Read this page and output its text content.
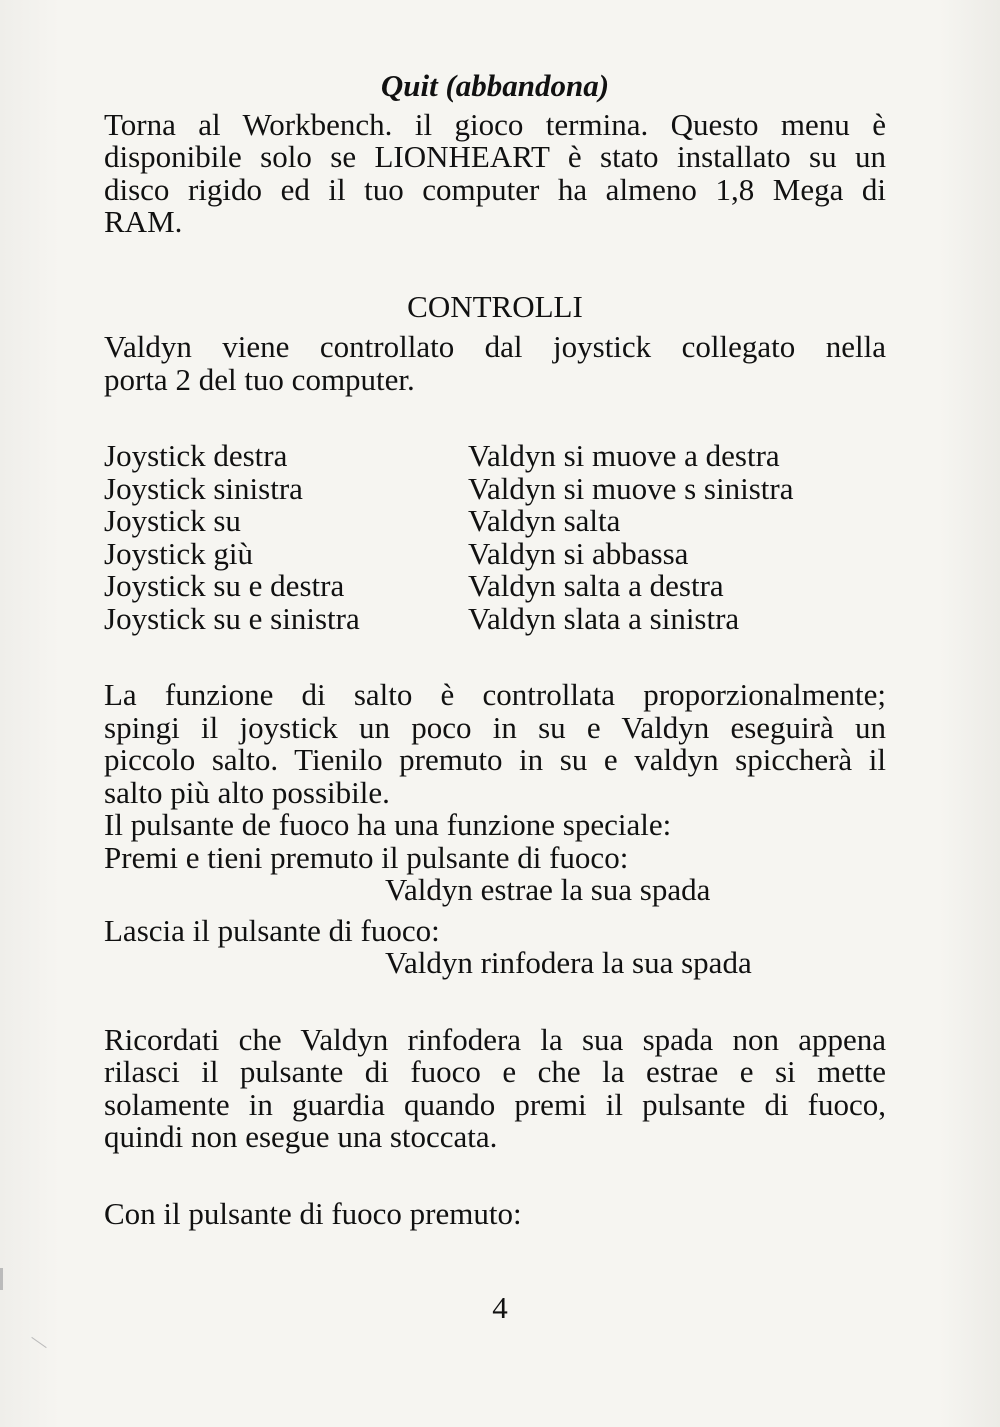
Quit (abbandona)
Torna al Workbench. il gioco termina. Questo menu è
disponibile solo se LIONHEART è stato installato su un
disco rigido ed il tuo computer ha almeno 1,8 Mega di
RAM.
CONTROLLI
Valdyn viene controllato dal joystick collegato nella
porta 2 del tuo computer.
Joystick destra	Valdyn si muove a destra
Joystick sinistra	Valdyn si muove s sinistra
Joystick su	Valdyn salta
Joystick giù	Valdyn si abbassa
Joystick su e destra	Valdyn salta a destra
Joystick su e sinistra	Valdyn slata a sinistra
La funzione di salto è controllata proporzionalmente;
spingi il joystick un poco in su e Valdyn eseguirà un
piccolo salto. Tienilo premuto in su e valdyn spiccherà il
salto più alto possibile.
Il pulsante de fuoco ha una funzione speciale:
Premi e tieni premuto il pulsante di fuoco:
Valdyn estrae la sua spada
Lascia il pulsante di fuoco:
Valdyn rinfodera la sua spada
Ricordati che Valdyn rinfodera la sua spada non appena
rilasci il pulsante di fuoco e che la estrae e si mette
solamente in guardia quando premi il pulsante di fuoco,
quindi non esegue una stoccata.
Con il pulsante di fuoco premuto:
4
